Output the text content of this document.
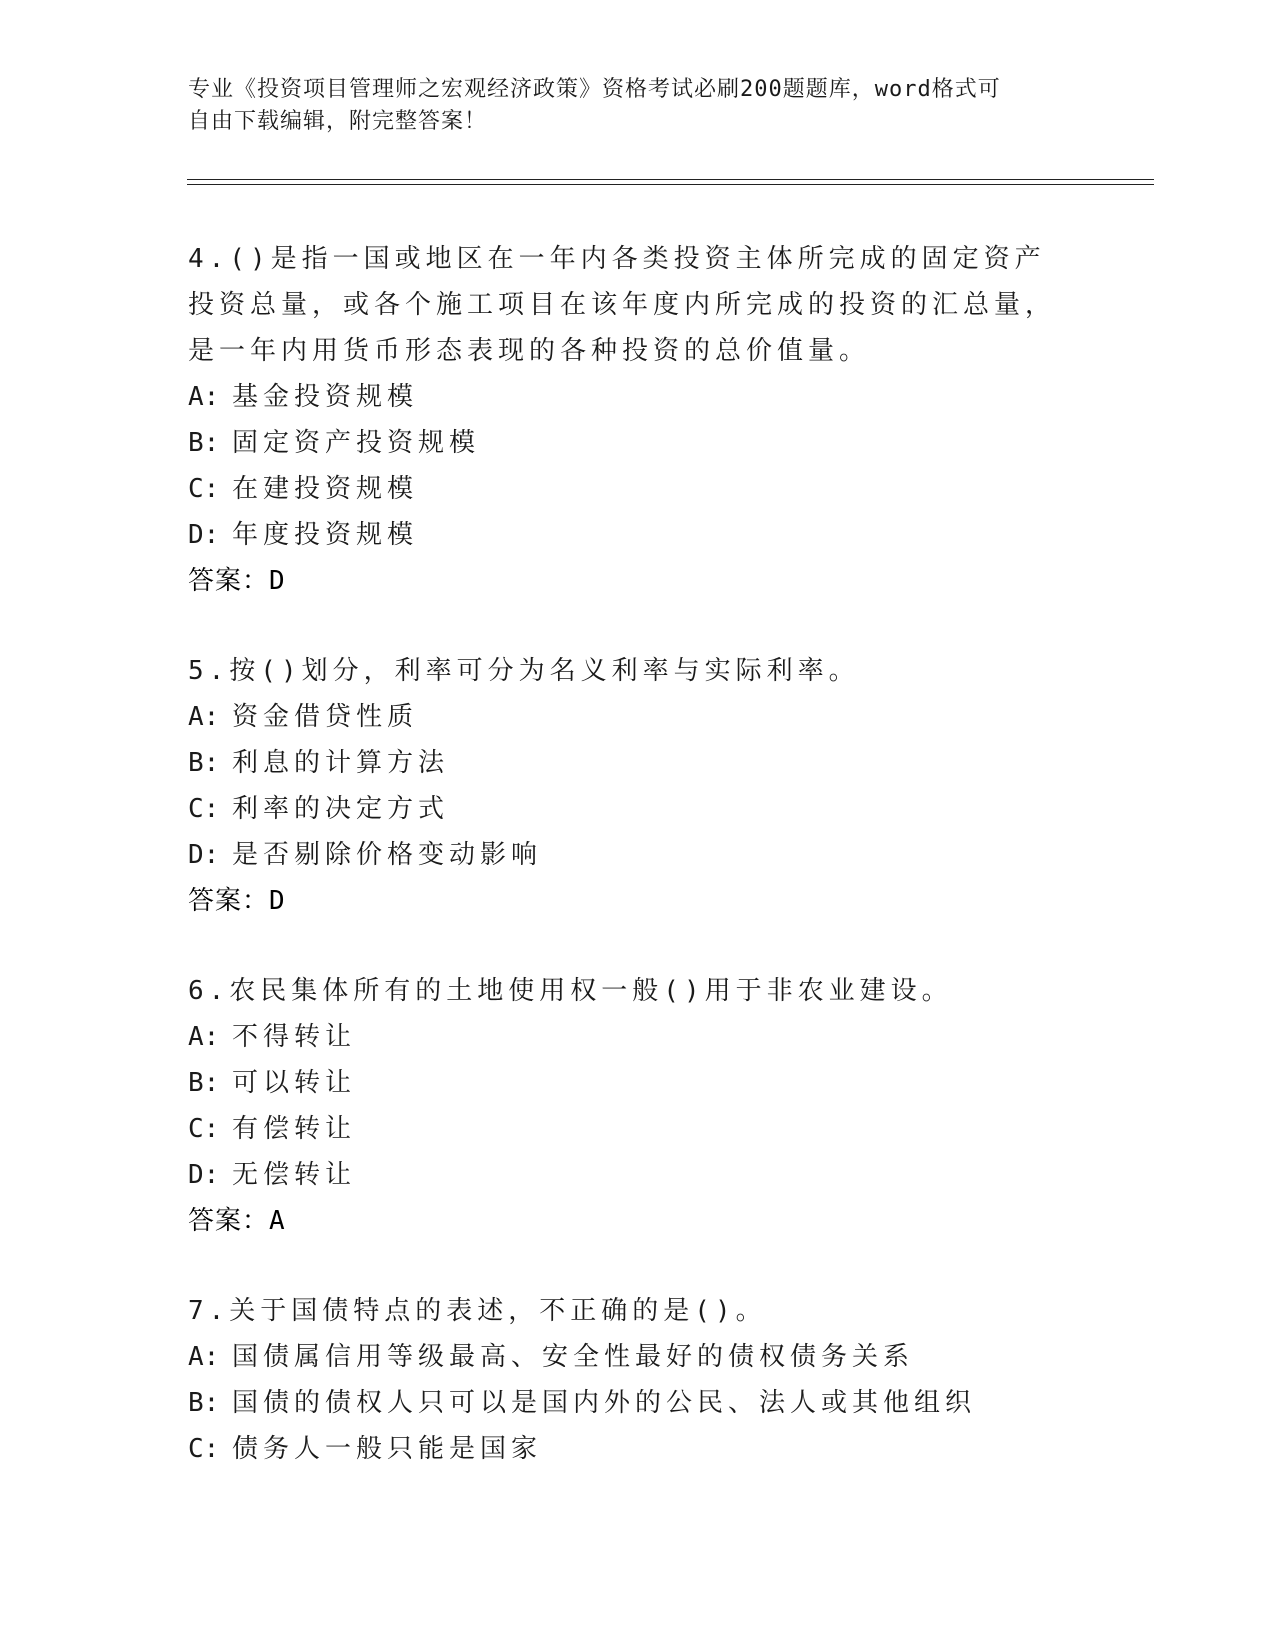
专业《投资项目管理师之宏观经济政策》资格考试必刷200题题库，word格式可
自由下载编辑，附完整答案！

4.()是指一国或地区在一年内各类投资主体所完成的固定资产投资总量，或各个施工项目在该年度内所完成的投资的汇总量，是一年内用货币形态表现的各种投资的总价值量。

A: 基金投资规模
B: 固定资产投资规模
C: 在建投资规模
D: 年度投资规模
答案：D

5.按()划分，利率可分为名义利率与实际利率。

A: 资金借贷性质
B: 利息的计算方法
C: 利率的决定方式
D: 是否剔除价格变动影响
答案：D

6.农民集体所有的土地使用权一般()用于非农业建设。

A: 不得转让
B: 可以转让
C: 有偿转让
D: 无偿转让
答案：A

7.关于国债特点的表述，不正确的是()。

A: 国债属信用等级最高、安全性最好的债权债务关系
B: 国债的债权人只可以是国内外的公民、法人或其他组织
C: 债务人一般只能是国家
